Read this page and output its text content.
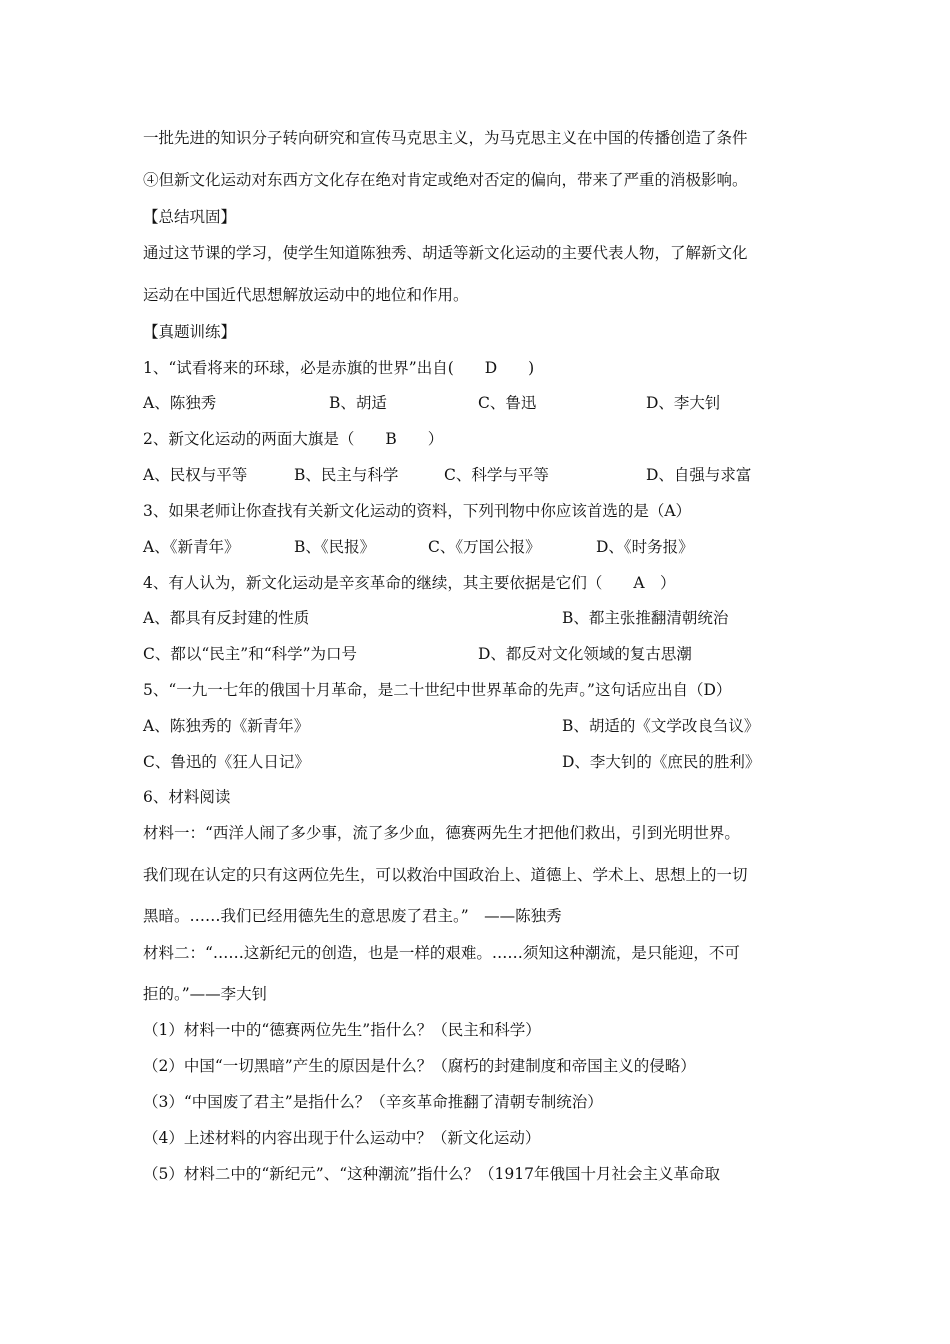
一批先进的知识分子转向研究和宣传马克思主义，为马克思主义在中国的传播创造了条件
④但新文化运动对东西方文化存在绝对肯定或绝对否定的偏向，带来了严重的消极影响。
【总结巩固】
通过这节课的学习，使学生知道陈独秀、胡适等新文化运动的主要代表人物，了解新文化
运动在中国近代思想解放运动中的地位和作用。
【真题训练】
1、“试看将来的环球，必是赤旗的世界”出自(　　D　　)
A、陈独秀	B、胡适	C、鲁迅	D、李大钊
2、新文化运动的两面大旗是（　　B　　）
A、民权与平等	B、民主与科学	C、科学与平等	D、自强与求富
3、如果老师让你查找有关新文化运动的资料，下列刊物中你应该首选的是（A）
A、《新青年》	B、《民报》	C、《万国公报》	D、《时务报》
4、有人认为，新文化运动是辛亥革命的继续，其主要依据是它们（　　A　）
A、都具有反封建的性质	B、都主张推翻清朝统治
C、都以“民主”和“科学”为口号	D、都反对文化领域的复古思潮
5、“一九一七年的俄国十月革命，是二十世纪中世界革命的先声。”这句话应出自（D）
A、陈独秀的《新青年》	B、胡适的《文学改良刍议》
C、鲁迅的《狂人日记》	D、李大钊的《庶民的胜利》
6、材料阅读
材料一：“西洋人闹了多少事，流了多少血，德赛两先生才把他们救出，引到光明世界。
我们现在认定的只有这两位先生，可以救治中国政治上、道德上、学术上、思想上的一切
黑暗。……我们已经用德先生的意思废了君主。”　——陈独秀
材料二：“……这新纪元的创造，也是一样的艰难。……须知这种潮流，是只能迎，不可
拒的。”——李大钊
（1）材料一中的“德赛两位先生”指什么？（民主和科学）
（2）中国“一切黑暗”产生的原因是什么？（腐朽的封建制度和帝国主义的侵略）
（3）“中国废了君主”是指什么？（辛亥革命推翻了清朝专制统治）
（4）上述材料的内容出现于什么运动中？（新文化运动）
（5）材料二中的“新纪元”、“这种潮流”指什么？（1917年俄国十月社会主义革命取
